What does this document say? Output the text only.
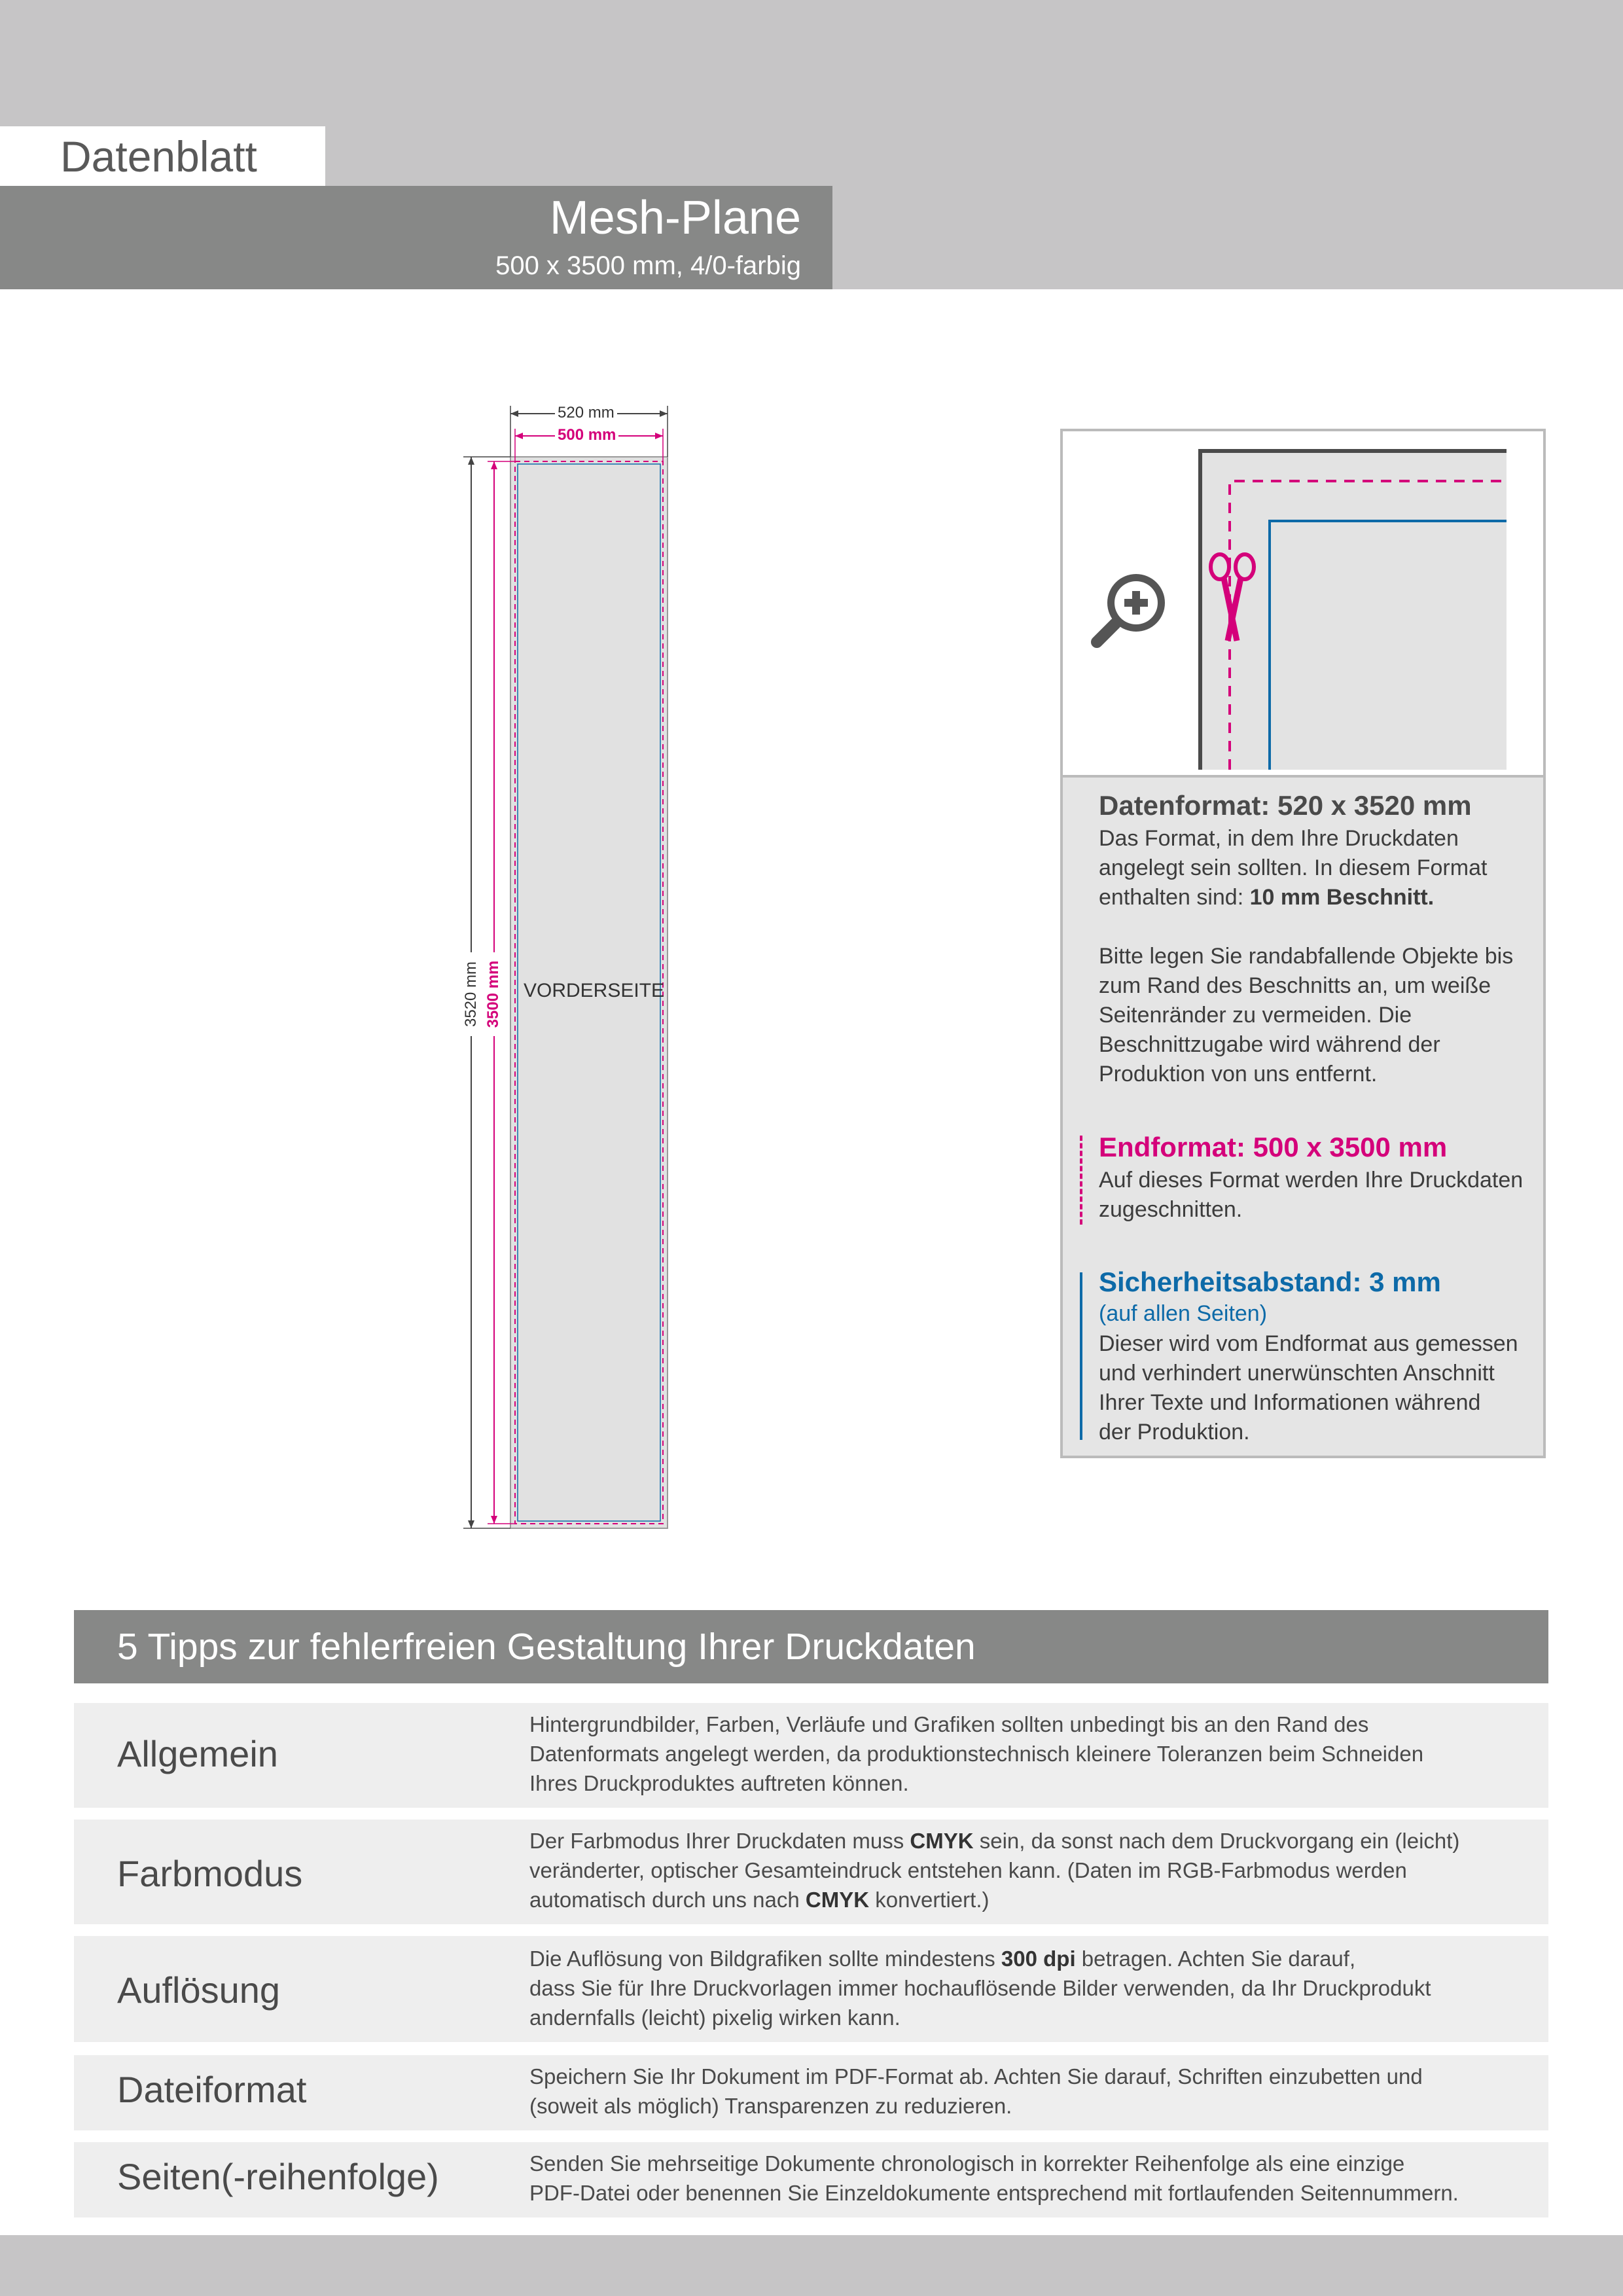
Datenblatt
Mesh-Plane
500 x 3500 mm, 4/0-farbig
520 mm
500 mm
3520 mm 3500 mm VORDERSEITE
Datenformat: 520 x 3520 mm
Das Format, in dem Ihre Druckdaten
angelegt sein sollten. In diesem Format
enthalten sind: 10 mm Beschnitt.
Bitte legen Sie randabfallende Objekte bis
zum Rand des Beschnitts an, um weiße
Seitenränder zu vermeiden. Die
Beschnittzugabe wird während der
Produktion von uns entfernt.
Endformat: 500 x 3500 mm
Auf dieses Format werden Ihre Druckdaten
zugeschnitten.
Sicherheitsabstand: 3 mm
(auf allen Seiten)
Dieser wird vom Endformat aus gemessen
und verhindert unerwünschten Anschnitt
Ihrer Texte und Informationen während
der Produktion.
5 Tipps zur fehlerfreien Gestaltung Ihrer Druckdaten
Allgemein
Hintergrundbilder, Farben, Verläufe und Grafiken sollten unbedingt bis an den Rand des
Datenformats angelegt werden, da produktionstechnisch kleinere Toleranzen beim Schneiden
Ihres Druckproduktes auftreten können.
Farbmodus
Der Farbmodus Ihrer Druckdaten muss CMYK sein, da sonst nach dem Druckvorgang ein (leicht)
veränderter, optischer Gesamteindruck entstehen kann. (Daten im RGB-Farbmodus werden
automatisch durch uns nach CMYK konvertiert.)
Auflösung
Die Auflösung von Bildgrafiken sollte mindestens 300 dpi betragen. Achten Sie darauf,
dass Sie für Ihre Druckvorlagen immer hochauflösende Bilder verwenden, da Ihr Druckprodukt
andernfalls (leicht) pixelig wirken kann.
Dateiformat	Speichern Sie Ihr Dokument im PDF-Format ab. Achten Sie darauf, Schriften einzubetten und
(soweit als möglich) Transparenzen zu reduzieren.
Seiten(-reihenfolge)	Senden Sie mehrseitige Dokumente chronologisch in korrekter Reihenfolge als eine einzige
PDF-Datei oder benennen Sie Einzeldokumente entsprechend mit fortlaufenden Seitennummern.
